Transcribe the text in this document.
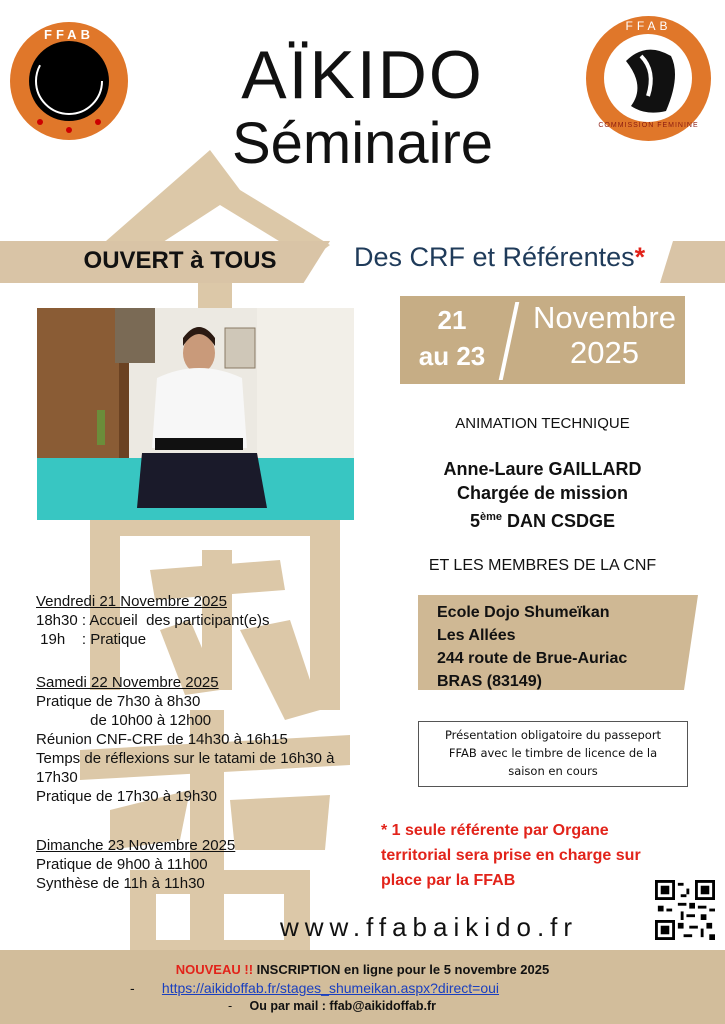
FFAB
FFAB
COMMISSION FEMININE
AÏKIDO
Séminaire
OUVERT à TOUS	Des CRF et Référentes*
21
au 23
Novembre
2025
ANIMATION TECHNIQUE
Anne-Laure GAILLARD
Chargée de mission
5ème DAN CSDGE
ET LES MEMBRES DE LA CNF
Ecole Dojo Shumeïkan
Les Allées
244 route de Brue-Auriac
BRAS (83149)
Présentation obligatoire du passeport
FFAB avec le timbre de licence de la
saison en cours
* 1 seule référente par Organe
territorial sera prise en charge sur
place par la FFAB
Vendredi 21 Novembre 2025
18h30 : Accueil  des participant(e)s
19h    : Pratique
Samedi 22 Novembre 2025
Pratique de 7h30 à 8h30
de 10h00 à 12h00
Réunion CNF-CRF de 14h30 à 16h15
Temps de réflexions sur le tatami de 16h30 à
17h30
Pratique de 17h30 à 19h30
Dimanche 23 Novembre 2025
Pratique de 9h00 à 11h00
Synthèse de 11h à 11h30
www.ffabaikido.fr
NOUVEAU !! INSCRIPTION en ligne pour le 5 novembre 2025
- https://aikidoffab.fr/stages_shumeikan.aspx?direct=oui
-     Ou par mail : ffab@aikidoffab.fr
